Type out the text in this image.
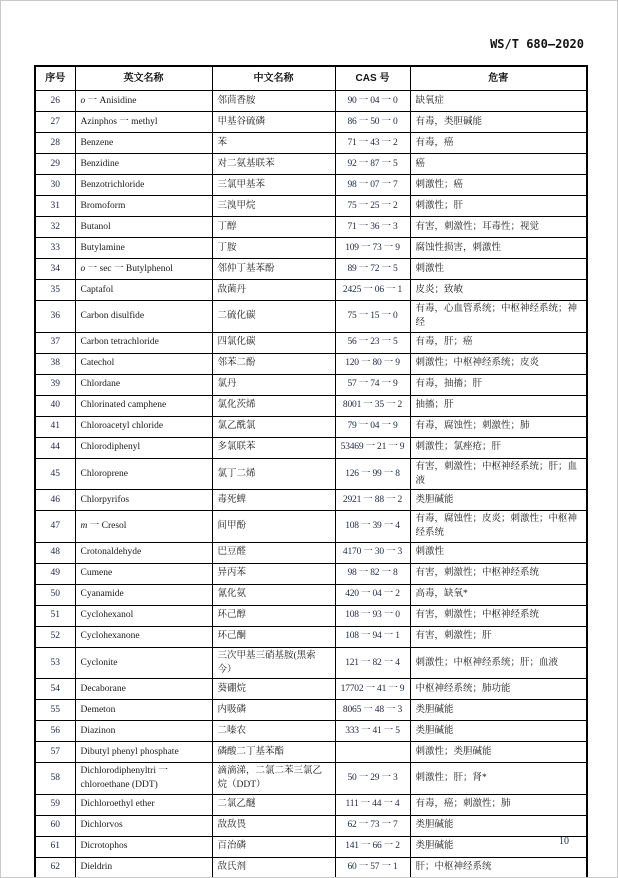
WS/T 680—2020
序号	英文名称	中文名称	CAS 号	危害
26	o 一 Anisidine	邻茴香胺	90 一 04 一 0	缺氧症
27	Azinphos 一 methyl	甲基谷硫磷	86 一 50 一 0	有毒，类胆碱能
28	Benzene	苯	71 一 43 一 2	有毒，癌
29	Benzidine	对二氨基联苯	92 一 87 一 5	癌
30	Benzotrichloride	三氯甲基苯	98 一 07 一 7	刺激性；癌
31	Bromoform	三溴甲烷	75 一 25 一 2	刺激性；肝
32	Butanol	丁醇	71 一 36 一 3	有害，刺激性；耳毒性；视觉
33	Butylamine	丁胺	109 一 73 一 9	腐蚀性损害，刺激性
34	o 一 sec 一 Butylphenol	邻仲丁基苯酚	89 一 72 一 5	刺激性
35	Captafol	敌菌丹	2425 一 06 一 1	皮炎；致敏
36	Carbon disulfide	二硫化碳	75 一 15 一 0	有毒，心血管系统；中枢神经系统；神经
37	Carbon tetrachloride	四氯化碳	56 一 23 一 5	有毒，肝；癌
38	Catechol	邻苯二酚	120 一 80 一 9	刺激性；中枢神经系统；皮炎
39	Chlordane	氯丹	57 一 74 一 9	有毒，抽搐；肝
40	Chlorinated camphene	氯化茨烯	8001 一 35 一 2	抽搐；肝
41	Chloroacetyl chloride	氯乙酰氯	79 一 04 一 9	有毒，腐蚀性；刺激性；肺
44	Chlorodiphenyl	多氯联苯	53469 一 21 一 9	刺激性；氯痤疮；肝
45	Chloroprene	氯丁二烯	126 一 99 一 8	有害，刺激性；中枢神经系统；肝；血液
46	Chlorpyrifos	毒死蜱	2921 一 88 一 2	类胆碱能
47	m 一 Cresol	间甲酚	108 一 39 一 4	有毒，腐蚀性；皮炎；刺激性；中枢神经系统
48	Crotonaldehyde	巴豆醛	4170 一 30 一 3	刺激性
49	Cumene	异丙苯	98 一 82 一 8	有害，刺激性；中枢神经系统
50	Cyanamide	氰化氨	420 一 04 一 2	高毒，缺氧*
51	Cyclohexanol	环己醇	108 一 93 一 0	有害，刺激性；中枢神经系统
52	Cyclohexanone	环己酮	108 一 94 一 1	有害，刺激性；肝
53	Cyclonite	三次甲基三硝基胺(黑索今）	121 一 82 一 4	刺激性；中枢神经系统；肝；血液
54	Decaborane	葵硼烷	17702 一 41 一 9	中枢神经系统；肺功能
55	Demeton	内吸磷	8065 一 48 一 3	类胆碱能
56	Diazinon	二嗪农	333 一 41 一 5	类胆碱能
57	Dibutyl phenyl phosphate	磷酸二丁基苯酯		刺激性；类胆碱能
58	Dichlorodiphenyltri 一 chloroethane (DDT)	滴滴涕，二氯二苯三氯乙烷（DDT）	50 一 29 一 3	刺激性；肝；肾*
59	Dichloroethyl ether	二氯乙醚	111 一 44 一 4	有毒，癌；刺激性；肺
60	Dichlorvos	敌敌畏	62 一 73 一 7	类胆碱能
61	Dicrotophos	百治磷	141 一 66 一 2	类胆碱能
62	Dieldrin	敌氏剂	60 一 57 一 1	肝；中枢神经系统
10
